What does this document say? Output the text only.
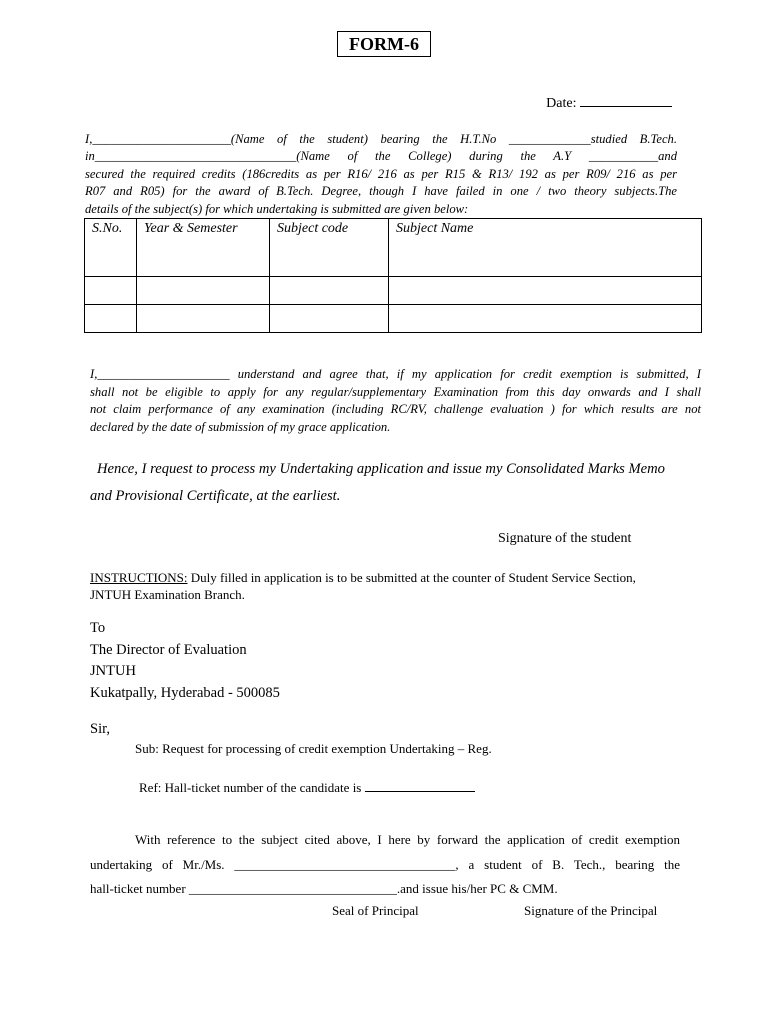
FORM-6
Date:
I,______________________(Name of the student) bearing the H.T.No _____________studied B.Tech.
in________________________________(Name of the College) during the A.Y ___________and
secured the required credits (186credits as per R16/ 216 as per R15 & R13/ 192 as per R09/ 216 as per
R07 and R05) for the award of B.Tech. Degree, though I have failed in one / two theory subjects.The
details of the subject(s) for which undertaking is submitted are given below:
S.No.	Year & Semester	Subject code	Subject Name

I,_____________________ understand and agree that, if my application for credit exemption is submitted, I
shall not be eligible to apply for any regular/supplementary Examination from this day onwards and I shall
not claim performance of any examination (including RC/RV, challenge evaluation ) for which results are not
declared by the date of submission of my grace application.
Hence, I request to process my Undertaking application and issue my Consolidated Marks Memo
and Provisional Certificate, at the earliest.
Signature of the student
INSTRUCTIONS: Duly filled in application is to be submitted at the counter of Student Service Section,
JNTUH Examination Branch.
To
The Director of Evaluation
JNTUH
Kukatpally, Hyderabad - 500085
Sir,
Sub: Request for processing of credit exemption Undertaking – Reg.
Ref: Hall-ticket number of the candidate is
With reference to the subject cited above, I here by forward the application of credit exemption
undertaking of Mr./Ms. __________________________________, a student of B. Tech., bearing the
hall-ticket number ________________________________.and issue his/her PC & CMM.
Seal of Principal	Signature of the Principal
